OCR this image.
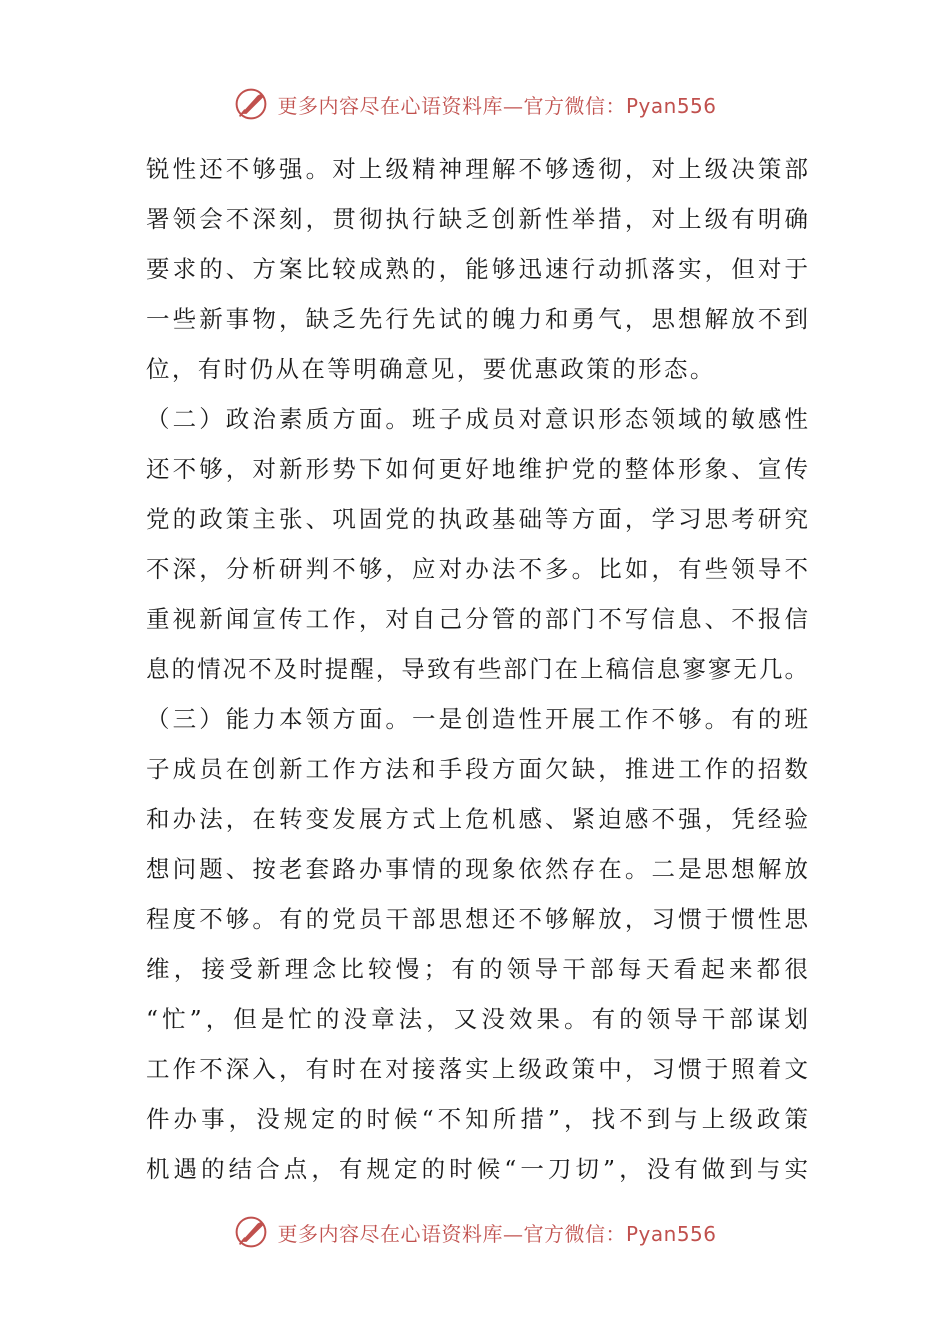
更多内容尽在心语资料库—官方微信：Pyan556
锐性还不够强。对上级精神理解不够透彻，对上级决策部
署领会不深刻，贯彻执行缺乏创新性举措，对上级有明确
要求的、方案比较成熟的，能够迅速行动抓落实，但对于
一些新事物，缺乏先行先试的魄力和勇气，思想解放不到
位，有时仍从在等明确意见，要优惠政策的形态。
（二）政治素质方面。班子成员对意识形态领域的敏感性
还不够，对新形势下如何更好地维护党的整体形象、宣传
党的政策主张、巩固党的执政基础等方面，学习思考研究
不深，分析研判不够，应对办法不多。比如，有些领导不
重视新闻宣传工作，对自己分管的部门不写信息、不报信
息的情况不及时提醒，导致有些部门在上稿信息寥寥无几。
（三）能力本领方面。一是创造性开展工作不够。有的班
子成员在创新工作方法和手段方面欠缺，推进工作的招数
和办法，在转变发展方式上危机感、紧迫感不强，凭经验
想问题、按老套路办事情的现象依然存在。二是思想解放
程度不够。有的党员干部思想还不够解放，习惯于惯性思
维，接受新理念比较慢；有的领导干部每天看起来都很
“忙”，但是忙的没章法，又没效果。有的领导干部谋划
工作不深入，有时在对接落实上级政策中，习惯于照着文
件办事，没规定的时候“不知所措”，找不到与上级政策
机遇的结合点，有规定的时候“一刀切”，没有做到与实
更多内容尽在心语资料库—官方微信：Pyan556
